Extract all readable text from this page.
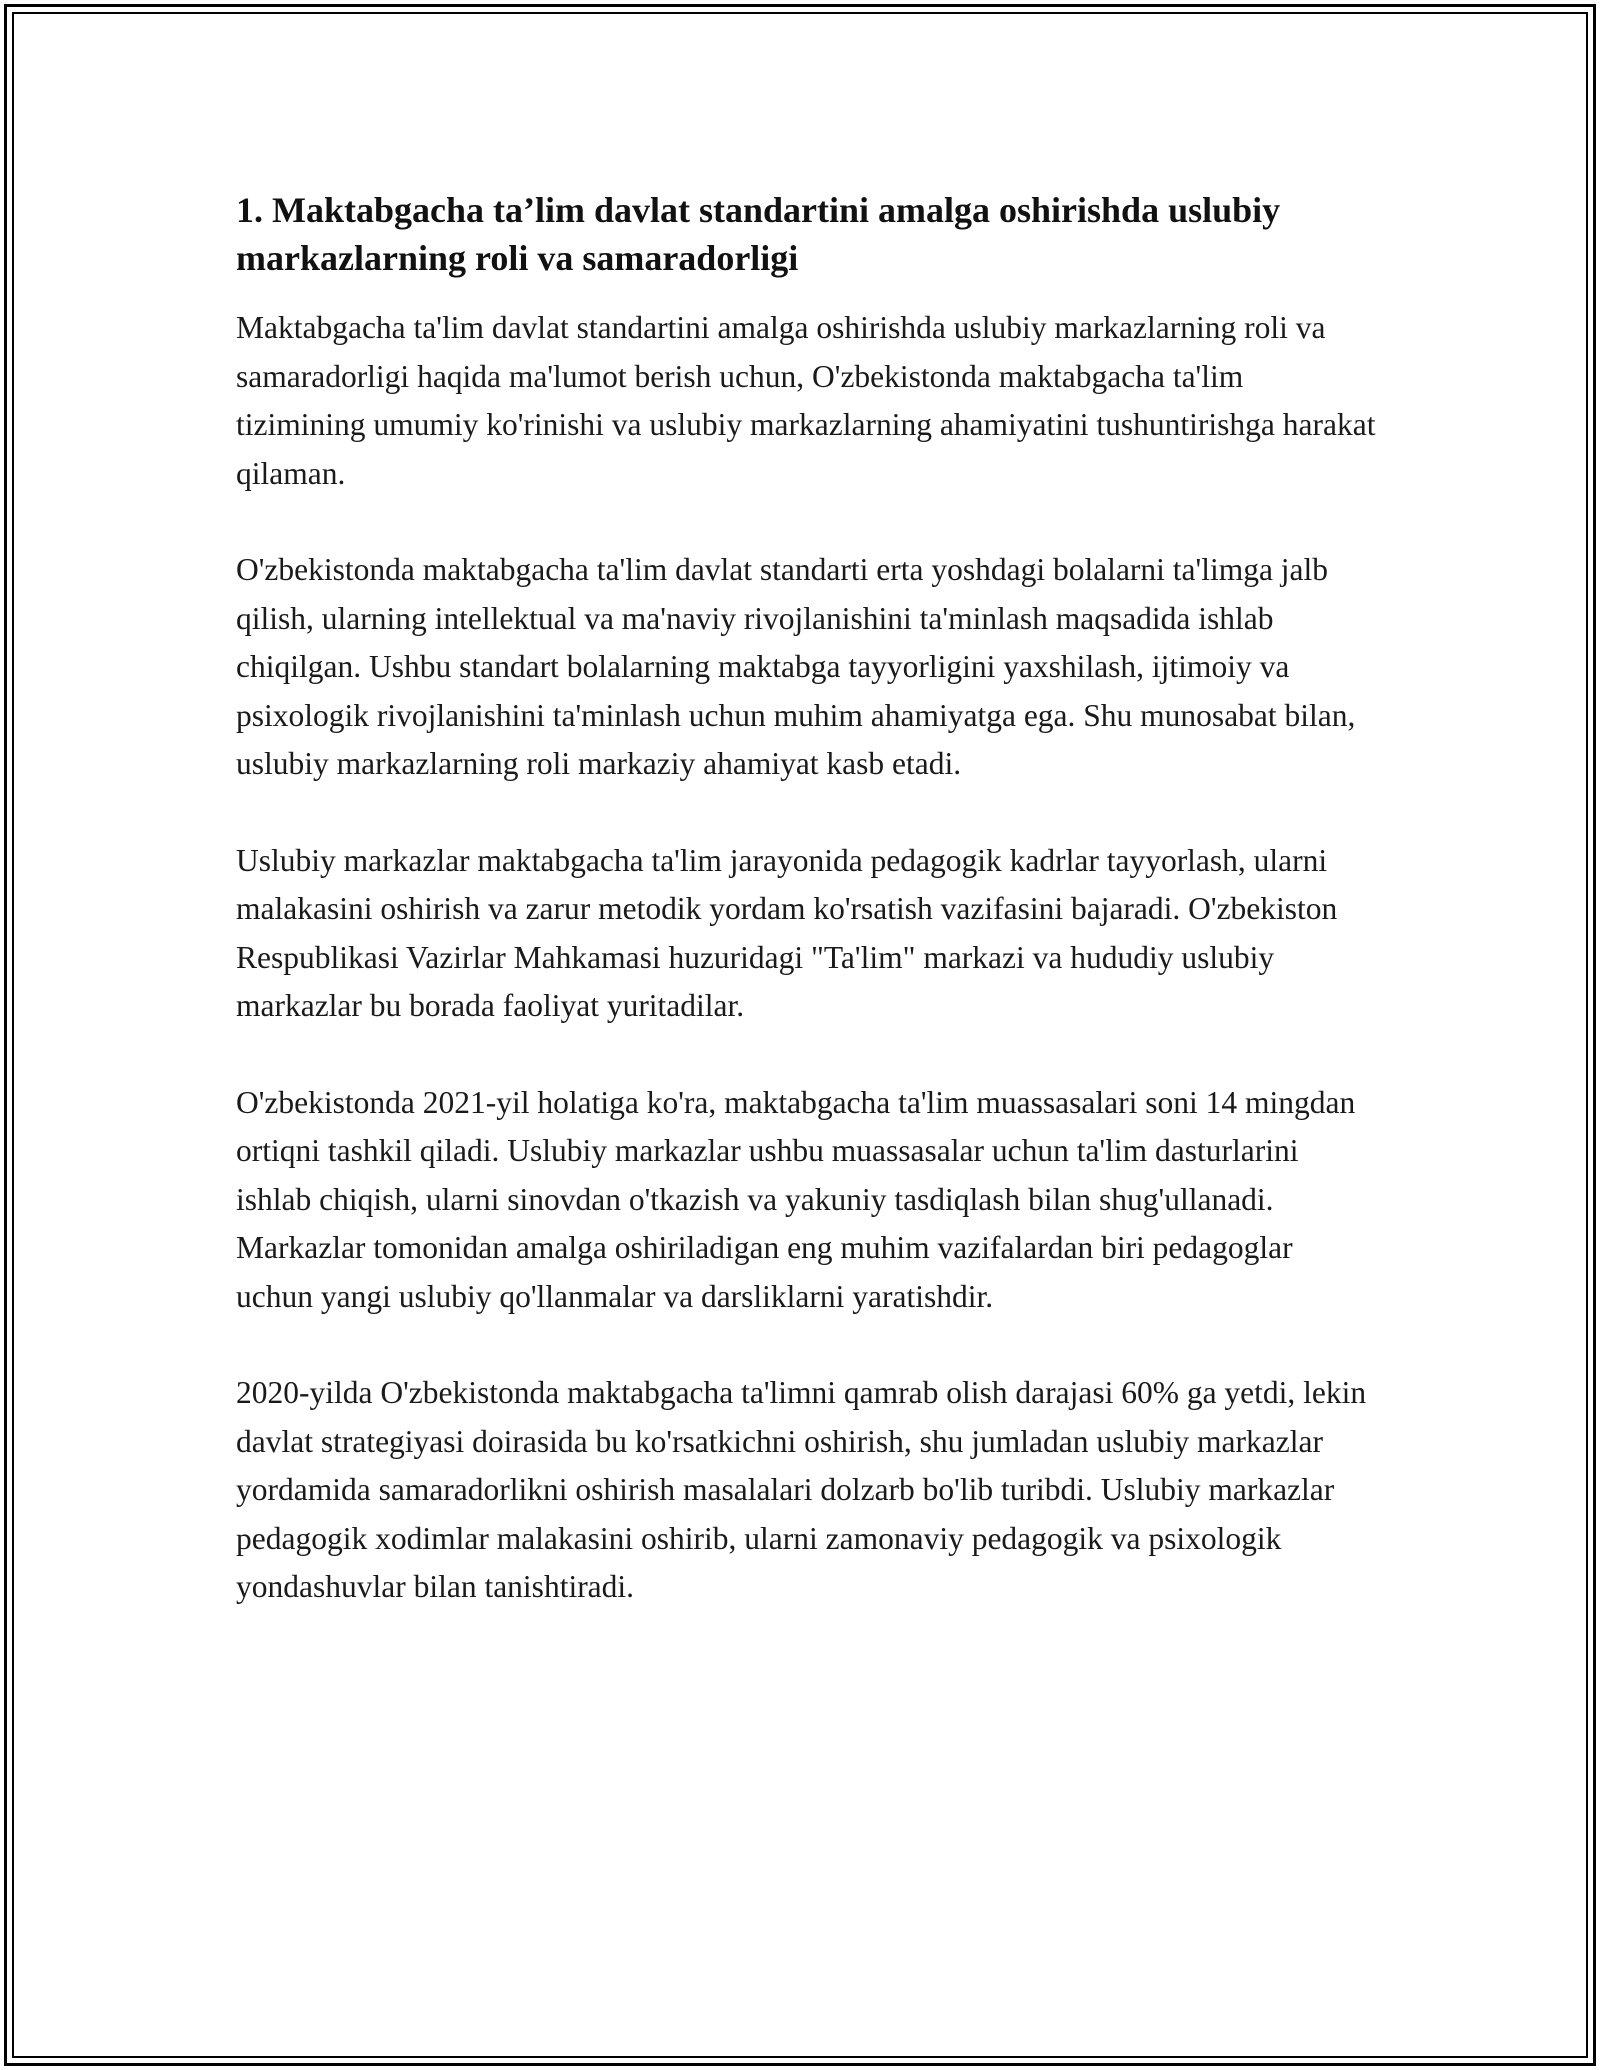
1. Maktabgacha ta’lim davlat standartini amalga oshirishda uslubiy markazlarning roli va samaradorligi

Maktabgacha ta'lim davlat standartini amalga oshirishda uslubiy markazlarning roli va samaradorligi haqida ma'lumot berish uchun, O'zbekistonda maktabgacha ta'lim tizimining umumiy ko'rinishi va uslubiy markazlarning ahamiyatini tushuntirishga harakat qilaman.

O'zbekistonda maktabgacha ta'lim davlat standarti erta yoshdagi bolalarni ta'limga jalb qilish, ularning intellektual va ma'naviy rivojlanishini ta'minlash maqsadida ishlab chiqilgan. Ushbu standart bolalarning maktabga tayyorligini yaxshilash, ijtimoiy va psixologik rivojlanishini ta'minlash uchun muhim ahamiyatga ega. Shu munosabat bilan, uslubiy markazlarning roli markaziy ahamiyat kasb etadi.

Uslubiy markazlar maktabgacha ta'lim jarayonida pedagogik kadrlar tayyorlash, ularni malakasini oshirish va zarur metodik yordam ko'rsatish vazifasini bajaradi. O'zbekiston Respublikasi Vazirlar Mahkamasi huzuridagi "Ta'lim" markazi va hududiy uslubiy markazlar bu borada faoliyat yuritadilar.

O'zbekistonda 2021-yil holatiga ko'ra, maktabgacha ta'lim muassasalari soni 14 mingdan ortiqni tashkil qiladi. Uslubiy markazlar ushbu muassasalar uchun ta'lim dasturlarini ishlab chiqish, ularni sinovdan o'tkazish va yakuniy tasdiqlash bilan shug'ullanadi. Markazlar tomonidan amalga oshiriladigan eng muhim vazifalardan biri pedagoglar uchun yangi uslubiy qo'llanmalar va darsliklarni yaratishdir.

2020-yilda O'zbekistonda maktabgacha ta'limni qamrab olish darajasi 60% ga yetdi, lekin davlat strategiyasi doirasida bu ko'rsatkichni oshirish, shu jumladan uslubiy markazlar yordamida samaradorlikni oshirish masalalari dolzarb bo'lib turibdi. Uslubiy markazlar pedagogik xodimlar malakasini oshirib, ularni zamonaviy pedagogik va psixologik yondashuvlar bilan tanishtiradi.
